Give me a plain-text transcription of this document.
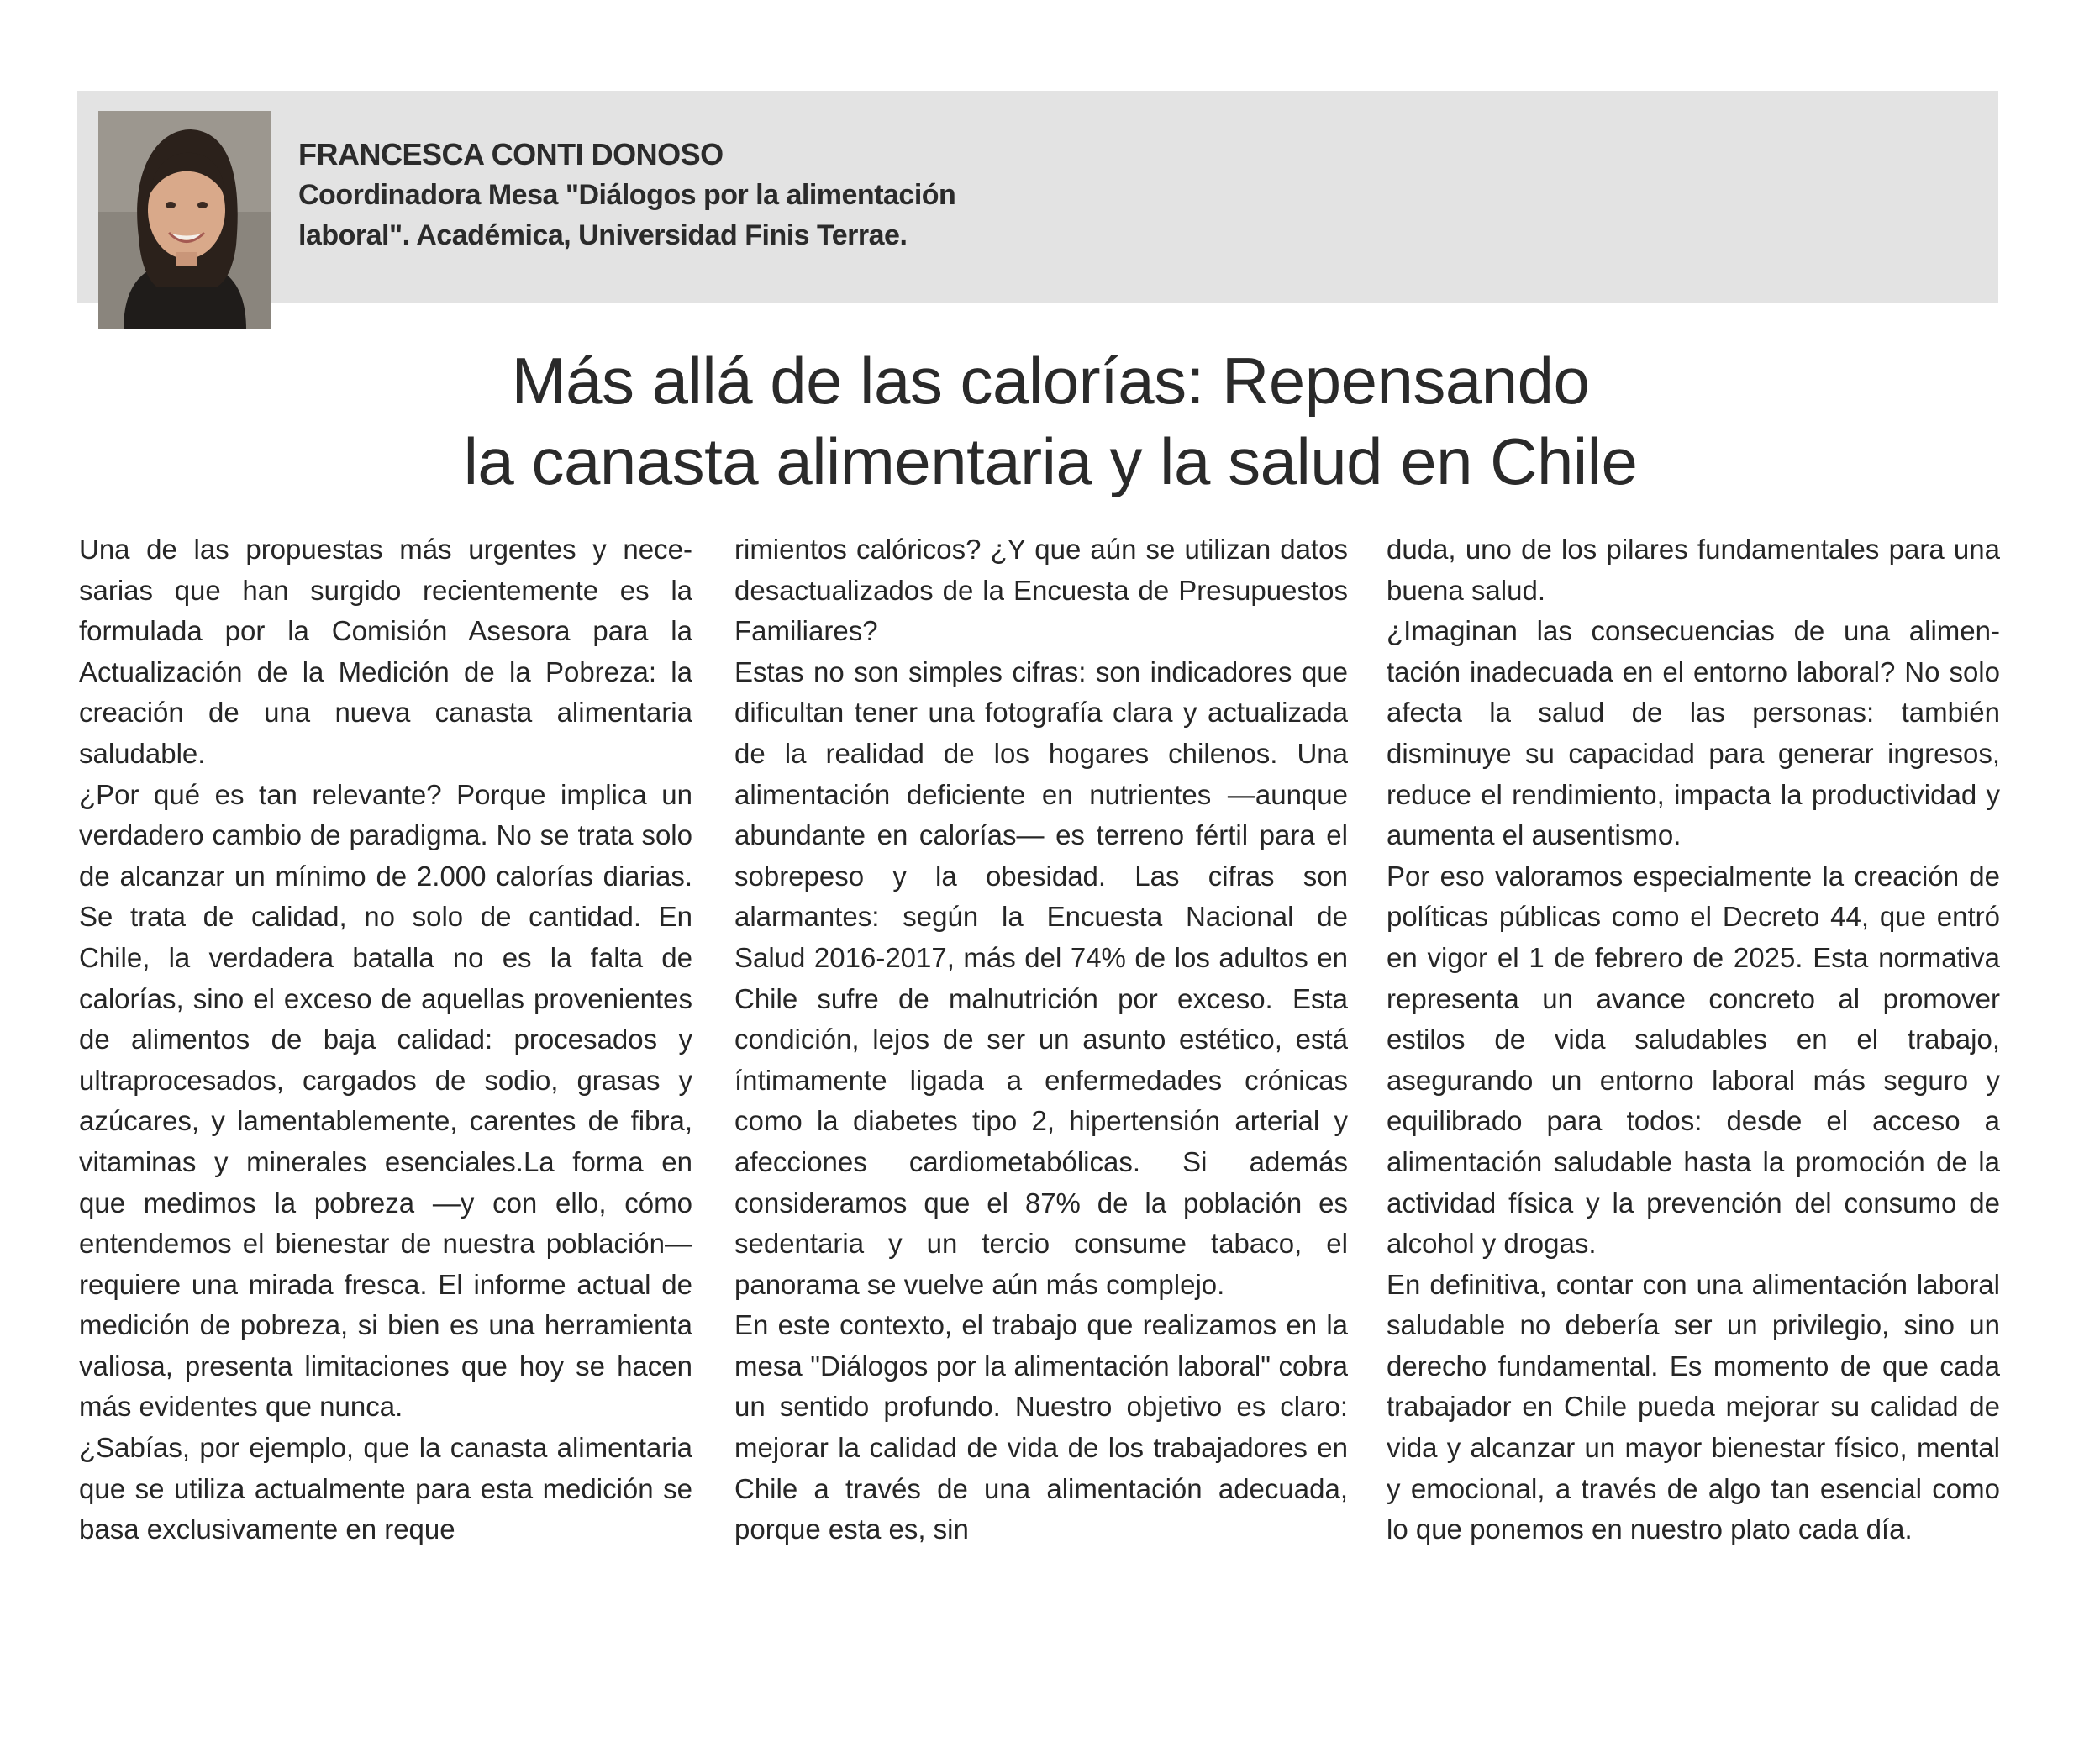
FRANCESCA CONTI DONOSO
Coordinadora Mesa "Diálogos por la alimentación
laboral". Académica, Universidad Finis Terrae.
Más allá de las calorías: Repensando
la canasta alimentaria y la salud en Chile

Una de las propuestas más urgentes y necesarias que han surgido recientemente es la formulada por la Comisión Asesora para la Actualización de la Medición de la Pobreza: la creación de una nueva canasta alimentaria saludable.

¿Por qué es tan relevante? Porque implica un verdadero cambio de paradigma. No se trata solo de alcanzar un mínimo de 2.000 calorías diarias. Se trata de calidad, no solo de cantidad. En Chile, la verdadera batalla no es la falta de calorías, sino el exceso de aquellas provenientes de alimentos de baja calidad: procesados y ultraprocesados, cargados de sodio, grasas y azúcares, y lamentablemente, carentes de fibra, vitaminas y minerales esenciales.La forma en que medimos la pobreza —y con ello, cómo entendemos el bienestar de nuestra población— requiere una mirada fresca. El informe actual de medición de pobreza, si bien es una herramienta valiosa, presenta limitaciones que hoy se hacen más evidentes que nunca.

¿Sabías, por ejemplo, que la canasta alimentaria que se utiliza actualmente para esta medición se basa exclusivamente en reque

rimientos calóricos? ¿Y que aún se utilizan datos desactualizados de la Encuesta de Presupuestos Familiares?

Estas no son simples cifras: son indicadores que dificultan tener una fotografía clara y actualizada de la realidad de los hogares chilenos. Una alimentación deficiente en nutrientes —aunque abundante en calorías— es terreno fértil para el sobrepeso y la obesidad. Las cifras son alarmantes: según la Encuesta Nacional de Salud 2016-2017, más del 74% de los adultos en Chile sufre de malnutrición por exceso. Esta condición, lejos de ser un asunto estético, está íntimamente ligada a enfermedades crónicas como la diabetes tipo 2, hipertensión arterial y afecciones cardiometabólicas. Si además consideramos que el 87% de la población es sedentaria y un tercio consume tabaco, el panorama se vuelve aún más complejo.

En este contexto, el trabajo que realizamos en la mesa "Diálogos por la alimentación laboral" cobra un sentido profundo. Nuestro objetivo es claro: mejorar la calidad de vida de los trabajadores en Chile a través de una alimentación adecuada, porque esta es, sin

duda, uno de los pilares fundamentales para una buena salud.

¿Imaginan las consecuencias de una alimentación inadecuada en el entorno laboral? No solo afecta la salud de las personas: también disminuye su capacidad para generar ingresos, reduce el rendimiento, impacta la productividad y aumenta el ausentismo.

Por eso valoramos especialmente la creación de políticas públicas como el Decreto 44, que entró en vigor el 1 de febrero de 2025. Esta normativa representa un avance concreto al promover estilos de vida saludables en el trabajo, asegurando un entorno laboral más seguro y equilibrado para todos: desde el acceso a alimentación saludable hasta la promoción de la actividad física y la prevención del consumo de alcohol y drogas.

En definitiva, contar con una alimentación laboral saludable no debería ser un privilegio, sino un derecho fundamental. Es momento de que cada trabajador en Chile pueda mejorar su calidad de vida y alcanzar un mayor bienestar físico, mental y emocional, a través de algo tan esencial como lo que ponemos en nuestro plato cada día.
